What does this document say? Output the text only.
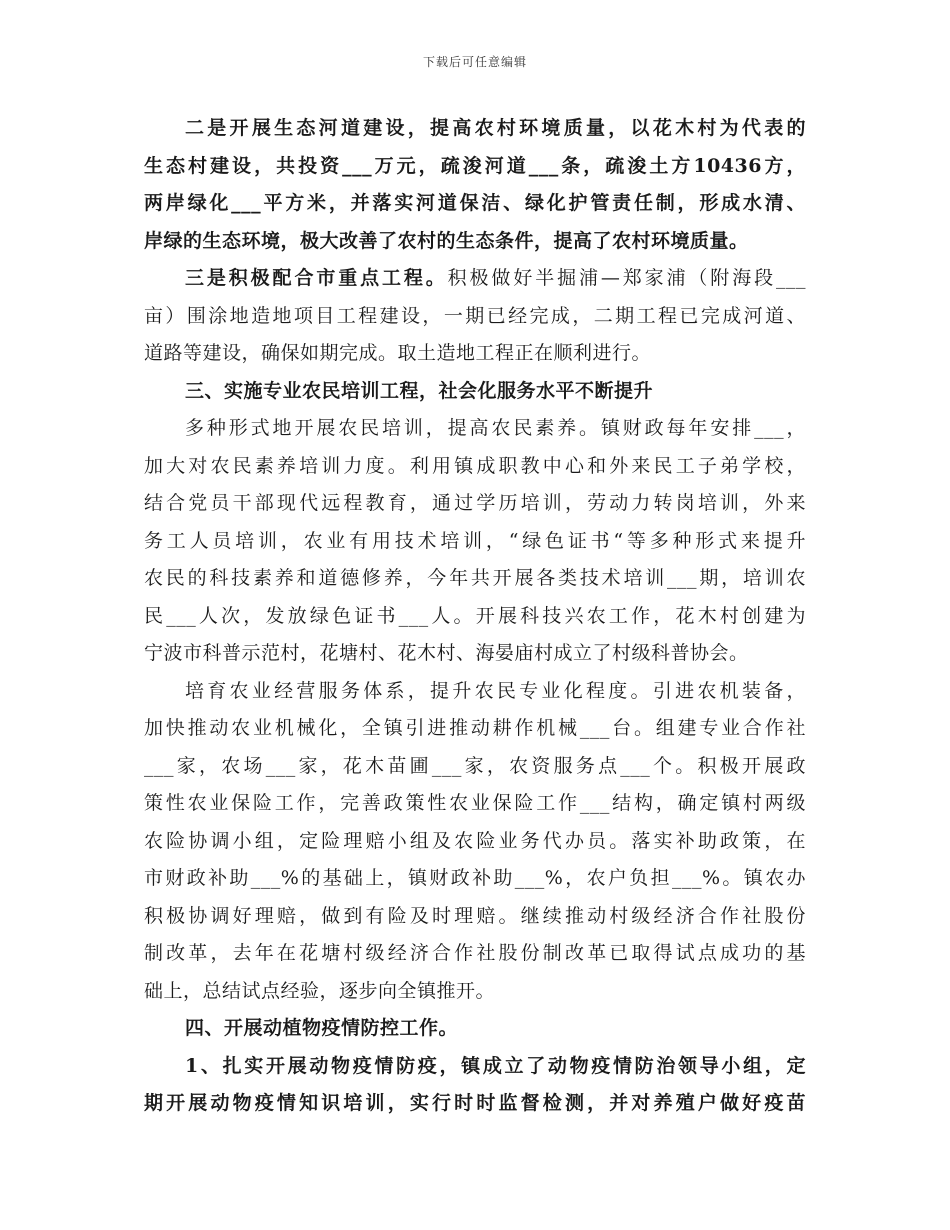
下载后可任意编辑
二是开展生态河道建设，提高农村环境质量，以花木村为代表的
生态村建设，共投资___万元，疏浚河道___条，疏浚土方10436方，
两岸绿化___平方米，并落实河道保洁、绿化护管责任制，形成水清、
岸绿的生态环境，极大改善了农村的生态条件，提高了农村环境质量。
三是积极配合市重点工程。积极做好半掘浦—郑家浦（附海段___
亩）围涂地造地项目工程建设，一期已经完成，二期工程已完成河道、
道路等建设，确保如期完成。取土造地工程正在顺利进行。
三、实施专业农民培训工程，社会化服务水平不断提升
多种形式地开展农民培训，提高农民素养。镇财政每年安排___，
加大对农民素养培训力度。利用镇成职教中心和外来民工子弟学校，
结合党员干部现代远程教育，通过学历培训，劳动力转岗培训，外来
务工人员培训，农业有用技术培训，“绿色证书“等多种形式来提升
农民的科技素养和道德修养，今年共开展各类技术培训___期，培训农
民___人次，发放绿色证书___人。开展科技兴农工作，花木村创建为
宁波市科普示范村，花塘村、花木村、海晏庙村成立了村级科普协会。
培育农业经营服务体系，提升农民专业化程度。引进农机装备，
加快推动农业机械化，全镇引进推动耕作机械___台。组建专业合作社
___家，农场___家，花木苗圃___家，农资服务点___个。积极开展政
策性农业保险工作，完善政策性农业保险工作___结构，确定镇村两级
农险协调小组，定险理赔小组及农险业务代办员。落实补助政策，在
市财政补助___%的基础上，镇财政补助___%，农户负担___%。镇农办
积极协调好理赔，做到有险及时理赔。继续推动村级经济合作社股份
制改革，去年在花塘村级经济合作社股份制改革已取得试点成功的基
础上，总结试点经验，逐步向全镇推开。
四、开展动植物疫情防控工作。
1、扎实开展动物疫情防疫，镇成立了动物疫情防治领导小组，定
期开展动物疫情知识培训，实行时时监督检测，并对养殖户做好疫苗
